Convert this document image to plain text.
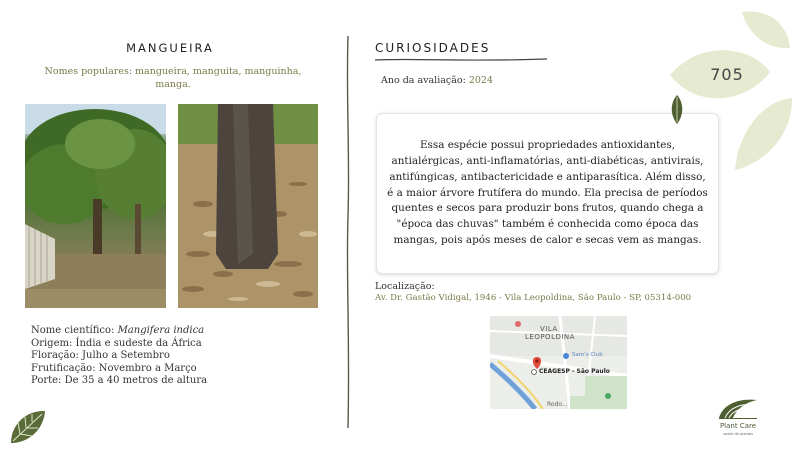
MANGUEIRA
Nomes populares: mangueira, manguita, manguinha, manga.
Nome científico: Mangifera indica
Origem: Índia e sudeste da África
Floração: Julho a Setembro
Frutificação: Novembro a Março
Porte: De 35 a 40 metros de altura
CURIOSIDADES
Ano da avaliação: 2024

Essa espécie possui propriedades antioxidantes, antialérgicas, anti-inflamatórias, anti-diabéticas, antivirais, antifúngicas, antibactericidade e antiparasítica. Além disso, é a maior árvore frutífera do mundo. Ela precisa de períodos quentes e secos para produzir bons frutos, quando chega a "época das chuvas" também é conhecida como época das mangas, pois após meses de calor e secas vem as mangas.

Localização:
Av. Dr. Gastão Vidigal, 1946 - Vila Leopoldina, São Paulo - SP, 05314-000
VILA
LEOPOLDINA
Sam's Club
CEAGESP - São Paulo
Rodo...
705
Plant Care
saúde de plantas
